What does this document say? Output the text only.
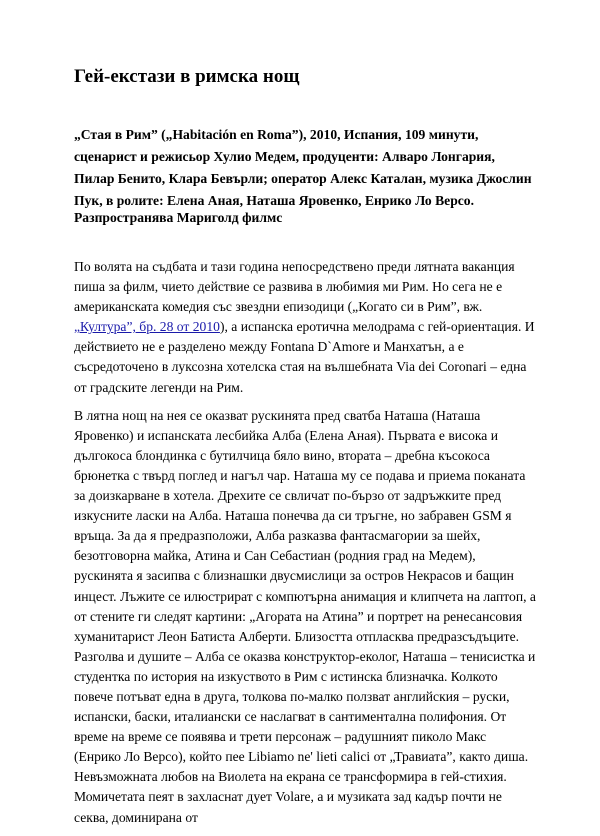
Гей-екстази в римска нощ

„Стая в Рим” („Habitación en Roma”), 2010, Испания, 109 минути, сценарист и режисьор Хулио Медем, продуценти: Алваро Лонгария, Пилар Бенито, Клара Бевърли; оператор Алекс Каталан, музика Джослин Пук, в ролите: Елена Аная, Наташа Яровенко, Енрико Ло Версо.

Разпространява Мариголд филмс

По волята на съдбата и тази година непосредствено преди лятната ваканция пиша за филм, чието действие се развива в любимия ми Рим. Но сега не е американската комедия със звездни епизодици („Когато си в Рим”, вж. „Култура”, бр. 28 от 2010), а испанска еротична мелодрама с гей-ориентация. И действието не е разделено между Fontana D`Amore и Манхатън, а е съсредоточено в луксозна хотелска стая на вълшебната Via dei Coronari – една от градските легенди на Рим.

В лятна нощ на нея се оказват рускинята пред сватба Наташа (Наташа Яровенко) и испанската лесбийка Алба (Елена Аная). Първата е висока и дългокоса блондинка с бутилчица бяло вино, втората – дребна късокоса брюнетка с твърд поглед и нагъл чар. Наташа му се подава и приема поканата за доизкарване в хотела. Дрехите се свличат по-бързо от задръжките пред изкусните ласки на Алба. Наташа понечва да си тръгне, но забравен GSM я връща. За да я предразположи, Алба разказва фантасмагории за шейх, безотговорна майка, Атина и Сан Себастиан (родния град на Медем), рускинята я засипва с близнашки двусмислици за остров Некрасов и бащин инцест. Лъжите се илюстрират с компютърна анимация и клипчета на лаптоп, а от стените ги следят картини: „Агората на Атина” и портрет на ренесансовия хуманитарист Леон Батиста Алберти. Близостта отпласква предразсъдъците. Разголва и душите – Алба се оказва конструктор-еколог, Наташа – тенисистка и студентка по история на изкуството в Рим с истинска близначка. Колкото повече потъват една в друга, толкова по-малко ползват английския – руски, испански, баски, италиански се наслагват в сантиментална полифония. От време на време се появява и трети персонаж – радушният пиколо Макс (Енрико Ло Версо), който пее Libiamo ne' lieti calici от „Травиата”, както диша. Невъзможната любов на Виолета на екрана се трансформира в гей-стихия. Момичетата пеят в захласнат дует Volare, а и музиката зад кадър почти не секва, доминирана от
